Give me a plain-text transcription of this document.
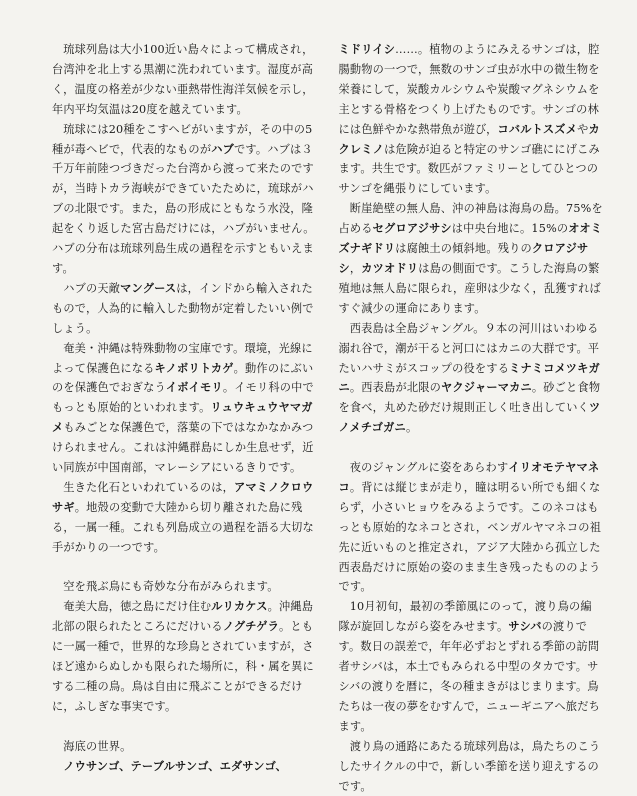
琉球列島は大小100近い島々によって構成され，台湾沖を北上する黒潮に洗われています。湿度が高く，温度の格差が少ない亜熱帯性海洋気候を示し，年内平均気温は20度を越えています。

琉球には20種をこすヘビがいますが，その中の5種が毒ヘビで，代表的なものがハブです。ハブは３千万年前陸つづきだった台湾から渡って来たのですが，当時トカラ海峡ができていたために，琉球がハブの北限です。また，島の形成にともなう水没，隆起をくり返した宮古島だけには，ハブがいません。ハブの分布は琉球列島生成の過程を示すともいえます。

ハブの天敵マングースは，インドから輸入されたもので，人為的に輸入した動物が定着したいい例でしょう。

奄美・沖縄は特殊動物の宝庫です。環境，光線によって保護色になるキノボリトカゲ。動作のにぶいのを保護色でおぎなうイボイモリ。イモリ科の中でもっとも原始的といわれます。リュウキュウヤマガメもみごとな保護色で，落葉の下ではなかなかみつけられません。これは沖縄群島にしか生息せず，近い同族が中国南部，マレーシアにいるきりです。

生きた化石といわれているのは，アマミノクロウサギ。地殻の変動で大陸から切り離された島に残る，一属一種。これも列島成立の過程を語る大切な手がかりの一つです。

空を飛ぶ鳥にも奇妙な分布がみられます。

奄美大島，徳之島にだけ住むルリカケス。沖縄島北部の限られたところにだけいるノグチゲラ。ともに一属一種で，世界的な珍鳥とされていますが，さほど遠からぬしかも限られた場所に，科・属を異にする二種の鳥。鳥は自由に飛ぶことができるだけに，ふしぎな事実です。

海底の世界。

ノウサンゴ、テーブルサンゴ、エダサンゴ、

ミドリイシ……。植物のようにみえるサンゴは，腔腸動物の一つで，無数のサンゴ虫が水中の微生物を栄養にして，炭酸カルシウムや炭酸マグネシウムを主とする骨格をつくり上げたものです。サンゴの林には色鮮やかな熱帯魚が遊び，コバルトスズメやカクレミノは危険が迫ると特定のサンゴ礁ににげこみます。共生です。数匹がファミリーとしてひとつのサンゴを縄張りにしています。

断崖絶壁の無人島、沖の神島は海鳥の島。75%を占めるセグロアジサシは中央台地に。15%のオオミズナギドリは腐蝕土の傾斜地。残りのクロアジサシ，カツオドリは島の側面です。こうした海鳥の繁殖地は無人島に限られ，産卵は少なく，乱獲すればすぐ減少の運命にあります。

西表島は全島ジャングル。９本の河川はいわゆる溺れ谷で，潮が干ると河口にはカニの大群です。平たいハサミがスコップの役をするミナミコメツキガニ。西表島が北限のヤクジャーマカニ。砂ごと食物を食べ，丸めた砂だけ規則正しく吐き出していくツノメチゴガニ。

夜のジャングルに姿をあらわすイリオモテヤマネコ。背には縦じまが走り，瞳は明るい所でも細くならず，小さいヒョウをみるようです。このネコはもっとも原始的なネコとされ，ベンガルヤマネコの祖先に近いものと推定され，アジア大陸から孤立した西表島だけに原始の姿のまま生き残ったもののようです。

10月初旬，最初の季節風にのって，渡り鳥の編隊が旋回しながら姿をみせます。サシバの渡りです。数日の誤差で，年年必ずおとずれる季節の訪問者サシバは，本土でもみられる中型のタカです。サシバの渡りを暦に，冬の種まきがはじまります。鳥たちは一夜の夢をむすんで，ニューギニアへ旅だちます。

渡り鳥の通路にあたる琉球列島は，鳥たちのこうしたサイクルの中で，新しい季節を送り迎えするのです。
